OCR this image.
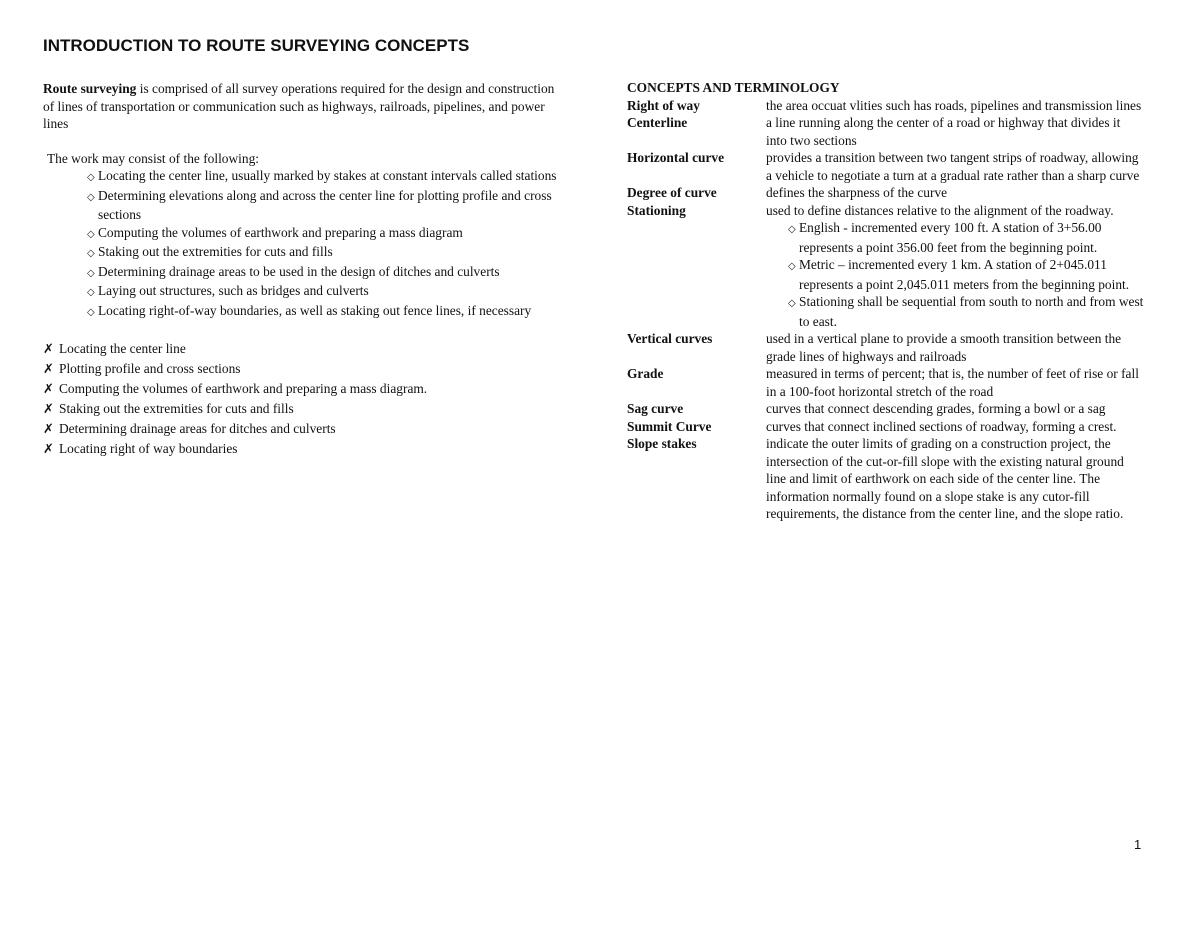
INTRODUCTION TO ROUTE SURVEYING CONCEPTS

Route surveying is comprised of all survey operations required for the design and construction of lines of transportation or communication such as highways, railroads, pipelines, and power lines

The work may consist of the following:

◇ Locating the center line, usually marked by stakes at constant intervals called stations
◇ Determining elevations along and across the center line for plotting profile and cross sections
◇ Computing the volumes of earthwork and preparing a mass diagram
◇ Staking out the extremities for cuts and fills
◇ Determining drainage areas to be used in the design of ditches and culverts
◇ Laying out structures, such as bridges and culverts
◇ Locating right-of-way boundaries, as well as staking out fence lines, if necessary
✗ Locating the center line
✗ Plotting profile and cross sections
✗ Computing the volumes of earthwork and preparing a mass diagram.
✗ Staking out the extremities for cuts and fills
✗ Determining drainage areas for ditches and culverts
✗ Locating right of way boundaries

CONCEPTS AND TERMINOLOGY

Right of way	the area occuat vlities such has roads, pipelines and transmission lines
Centerline	a line running along the center of a road or highway that divides it into two sections
Horizontal curve	provides a transition between two tangent strips of roadway, allowing a vehicle to negotiate a turn at a gradual rate rather than a sharp curve
Degree of curve	defines the sharpness of the curve
Stationing	used to define distances relative to the alignment of the roadway.
◇ English - incremented every 100 ft. A station of 3+56.00 represents a point 356.00 feet from the beginning point.
◇ Metric – incremented every 1 km. A station of 2+045.011 represents a point 2,045.011 meters from the beginning point.
◇ Stationing shall be sequential from south to north and from west to east.
Vertical curves	used in a vertical plane to provide a smooth transition between the grade lines of highways and railroads
Grade	measured in terms of percent; that is, the number of feet of rise or fall in a 100-foot horizontal stretch of the road
Sag curve	curves that connect descending grades, forming a bowl or a sag
Summit Curve	curves that connect inclined sections of roadway, forming a crest.
Slope stakes	indicate the outer limits of grading on a construction project, the intersection of the cut-or-fill slope with the existing natural ground line and limit of earthwork on each side of the center line. The information normally found on a slope stake is any cutor-fill requirements, the distance from the center line, and the slope ratio.
1
